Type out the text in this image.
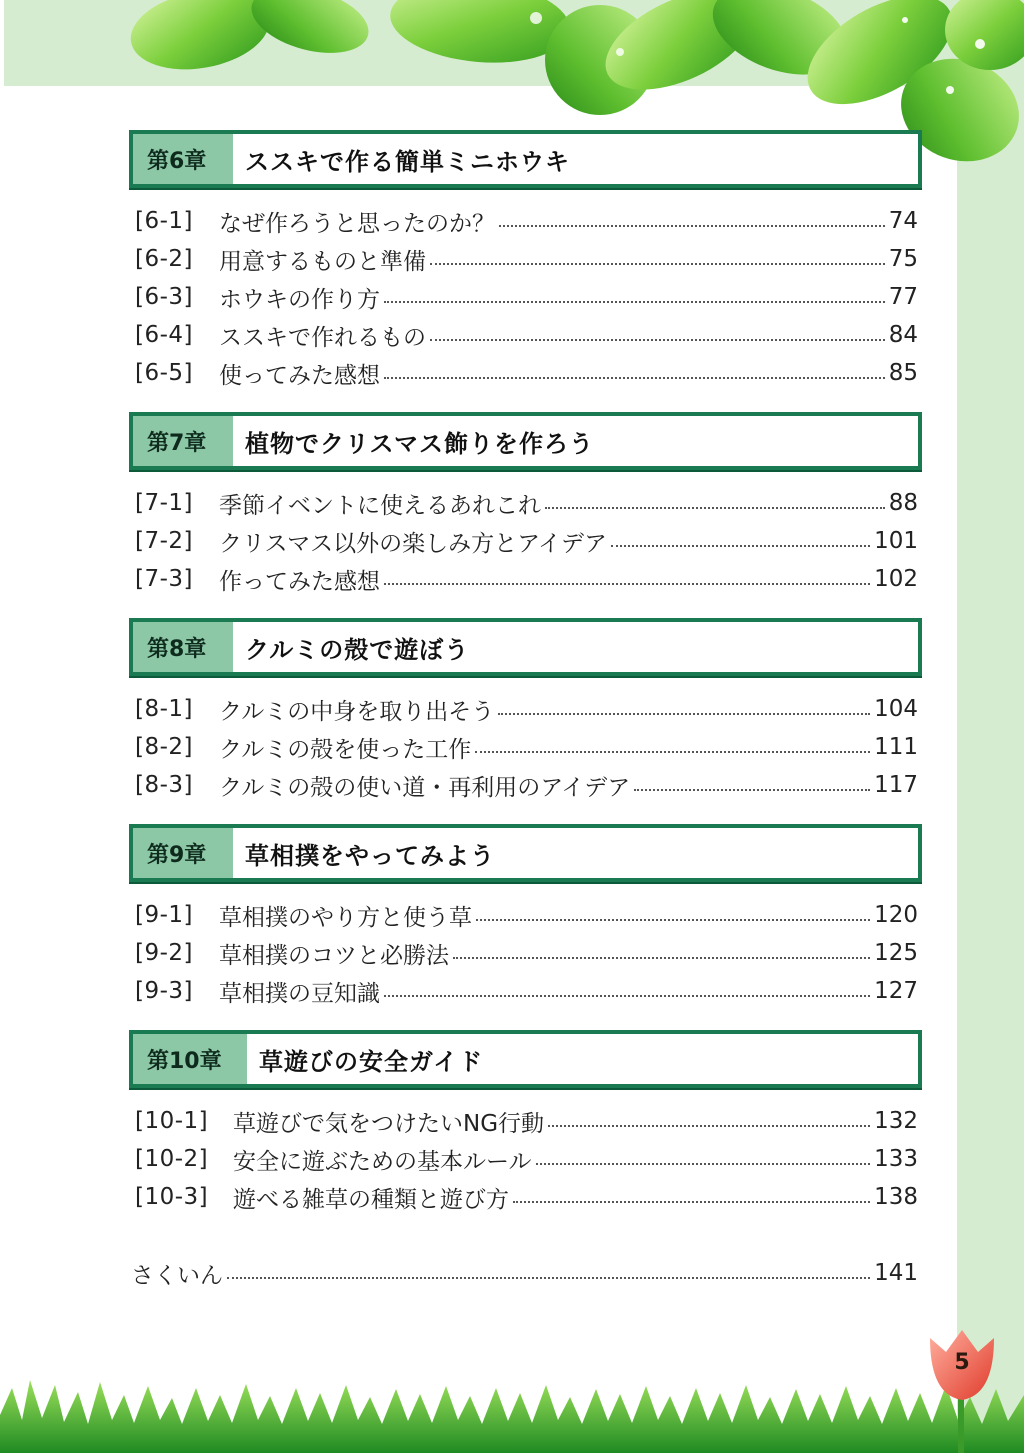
第6章	ススキで作る簡単ミニホウキ
[6-1]	なぜ作ろうと思ったのか？	74
[6-2]	用意するものと準備	75
[6-3]	ホウキの作り方	77
[6-4]	ススキで作れるもの	84
[6-5]	使ってみた感想	85
第7章	植物でクリスマス飾りを作ろう
[7-1]	季節イベントに使えるあれこれ	88
[7-2]	クリスマス以外の楽しみ方とアイデア	101
[7-3]	作ってみた感想	102
第8章	クルミの殻で遊ぼう
[8-1]	クルミの中身を取り出そう	104
[8-2]	クルミの殻を使った工作	111
[8-3]	クルミの殻の使い道・再利用のアイデア	117
第9章	草相撲をやってみよう
[9-1]	草相撲のやり方と使う草	120
[9-2]	草相撲のコツと必勝法	125
[9-3]	草相撲の豆知識	127
第10章	草遊びの安全ガイド
[10-1]	草遊びで気をつけたいNG行動	132
[10-2]	安全に遊ぶための基本ルール	133
[10-3]	遊べる雑草の種類と遊び方	138
さくいん	141
5
